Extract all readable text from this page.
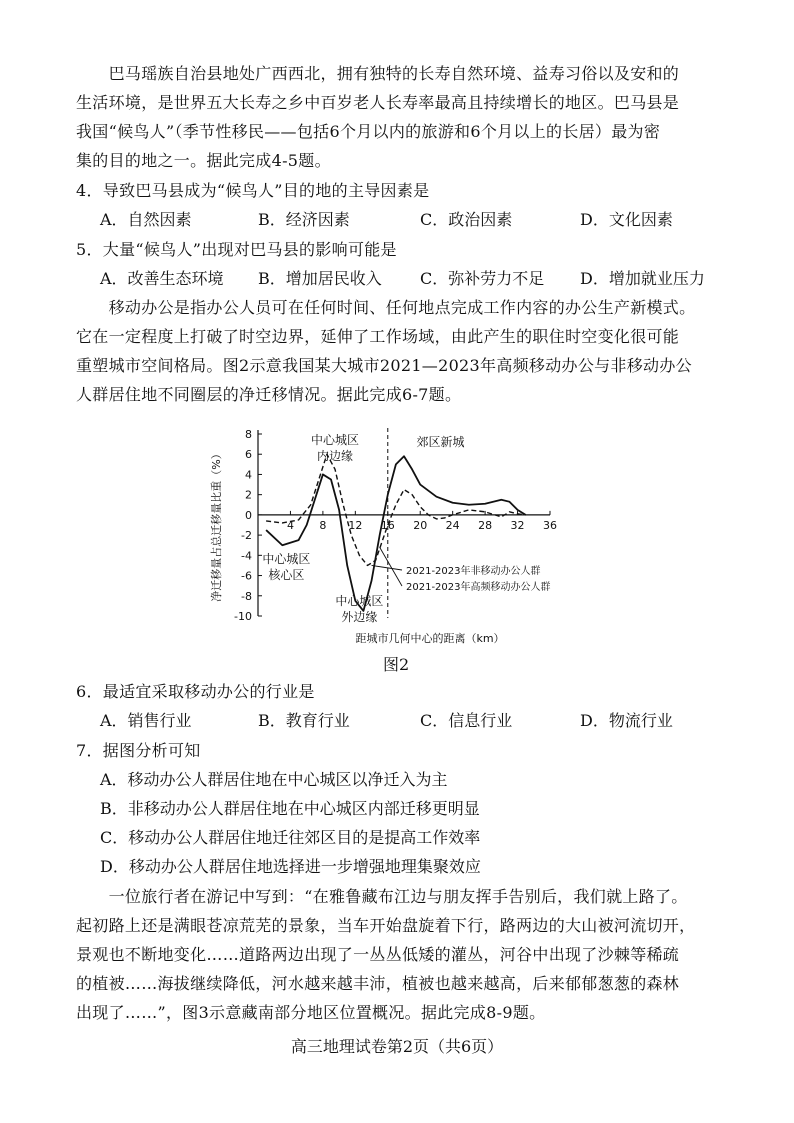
　　巴马瑶族自治县地处广西西北，拥有独特的长寿自然环境、益寿习俗以及安和的
生活环境，是世界五大长寿之乡中百岁老人长寿率最高且持续增长的地区。巴马县是
我国“候鸟人”（季节性移民——包括6个月以内的旅游和6个月以上的长居）最为密
集的目的地之一。据此完成4-5题。
4．导致巴马县成为“候鸟人”目的地的主导因素是
A．自然因素	B．经济因素	C．政治因素	D．文化因素
5．大量“候鸟人”出现对巴马县的影响可能是
A．改善生态环境 B．增加居民收入 C．弥补劳力不足 D．增加就业压力
　　移动办公是指办公人员可在任何时间、任何地点完成工作内容的办公生产新模式。
它在一定程度上打破了时空边界，延伸了工作场域，由此产生的职住时空变化很可能
重塑城市空间格局。图2示意我国某大城市2021—2023年高频移动办公与非移动办公
人群居住地不同圈层的净迁移情况。据此完成6-7题。
8
6
4
2
0
-2
-4
-6
-8
-10
4 8 12 16 20 24 28 32 36
中心城区
内边缘
郊区新城
中心城区
核心区
中心城区
外边缘
2021-2023年非移动办公人群
2021-2023年高频移动办公人群
距城市几何中心的距离（km）
净迁移量占总迁移量比重（%）
图2
6．最适宜采取移动办公的行业是
A．销售行业	B．教育行业	C．信息行业	D．物流行业
7．据图分析可知
A．移动办公人群居住地在中心城区以净迁入为主
B．非移动办公人群居住地在中心城区内部迁移更明显
C．移动办公人群居住地迁往郊区目的是提高工作效率
D．移动办公人群居住地选择进一步增强地理集聚效应
　　一位旅行者在游记中写到：“在雅鲁藏布江边与朋友挥手告别后，我们就上路了。
起初路上还是满眼苍凉荒芜的景象，当车开始盘旋着下行，路两边的大山被河流切开，
景观也不断地变化……道路两边出现了一丛丛低矮的灌丛，河谷中出现了沙棘等稀疏
的植被……海拔继续降低，河水越来越丰沛，植被也越来越高，后来郁郁葱葱的森林
出现了……”，图3示意藏南部分地区位置概况。据此完成8-9题。
高三地理试卷第2页（共6页）
